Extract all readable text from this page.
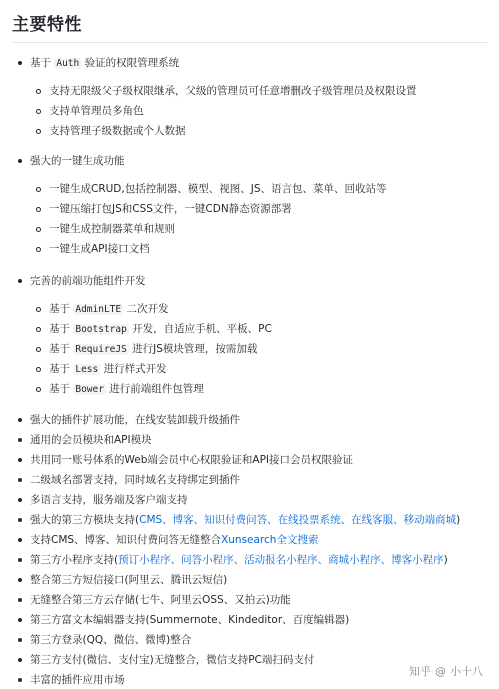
主要特性
基于 Auth 验证的权限管理系统
支持无限级父子级权限继承，父级的管理员可任意增删改子级管理员及权限设置
支持单管理员多角色
支持管理子级数据或个人数据
强大的一键生成功能
一键生成CRUD,包括控制器、模型、视图、JS、语言包、菜单、回收站等
一键压缩打包JS和CSS文件，一键CDN静态资源部署
一键生成控制器菜单和规则
一键生成API接口文档
完善的前端功能组件开发
基于 AdminLTE 二次开发
基于 Bootstrap 开发，自适应手机、平板、PC
基于 RequireJS 进行JS模块管理，按需加载
基于 Less 进行样式开发
基于 Bower 进行前端组件包管理
强大的插件扩展功能，在线安装卸载升级插件
通用的会员模块和API模块
共用同一账号体系的Web端会员中心权限验证和API接口会员权限验证
二级域名部署支持，同时域名支持绑定到插件
多语言支持，服务端及客户端支持
强大的第三方模块支持(CMS、博客、知识付费问答、在线投票系统、在线客服、移动端商城)
支持CMS、博客、知识付费问答无缝整合Xunsearch全文搜索
第三方小程序支持(预订小程序、问答小程序、活动报名小程序、商城小程序、博客小程序)
整合第三方短信接口(阿里云、腾讯云短信)
无缝整合第三方云存储(七牛、阿里云OSS、又拍云)功能
第三方富文本编辑器支持(Summernote、Kindeditor、百度编辑器)
第三方登录(QQ、微信、微博)整合
第三方支付(微信、支付宝)无缝整合，微信支持PC端扫码支付
丰富的插件应用市场
知乎 @ 小十八
